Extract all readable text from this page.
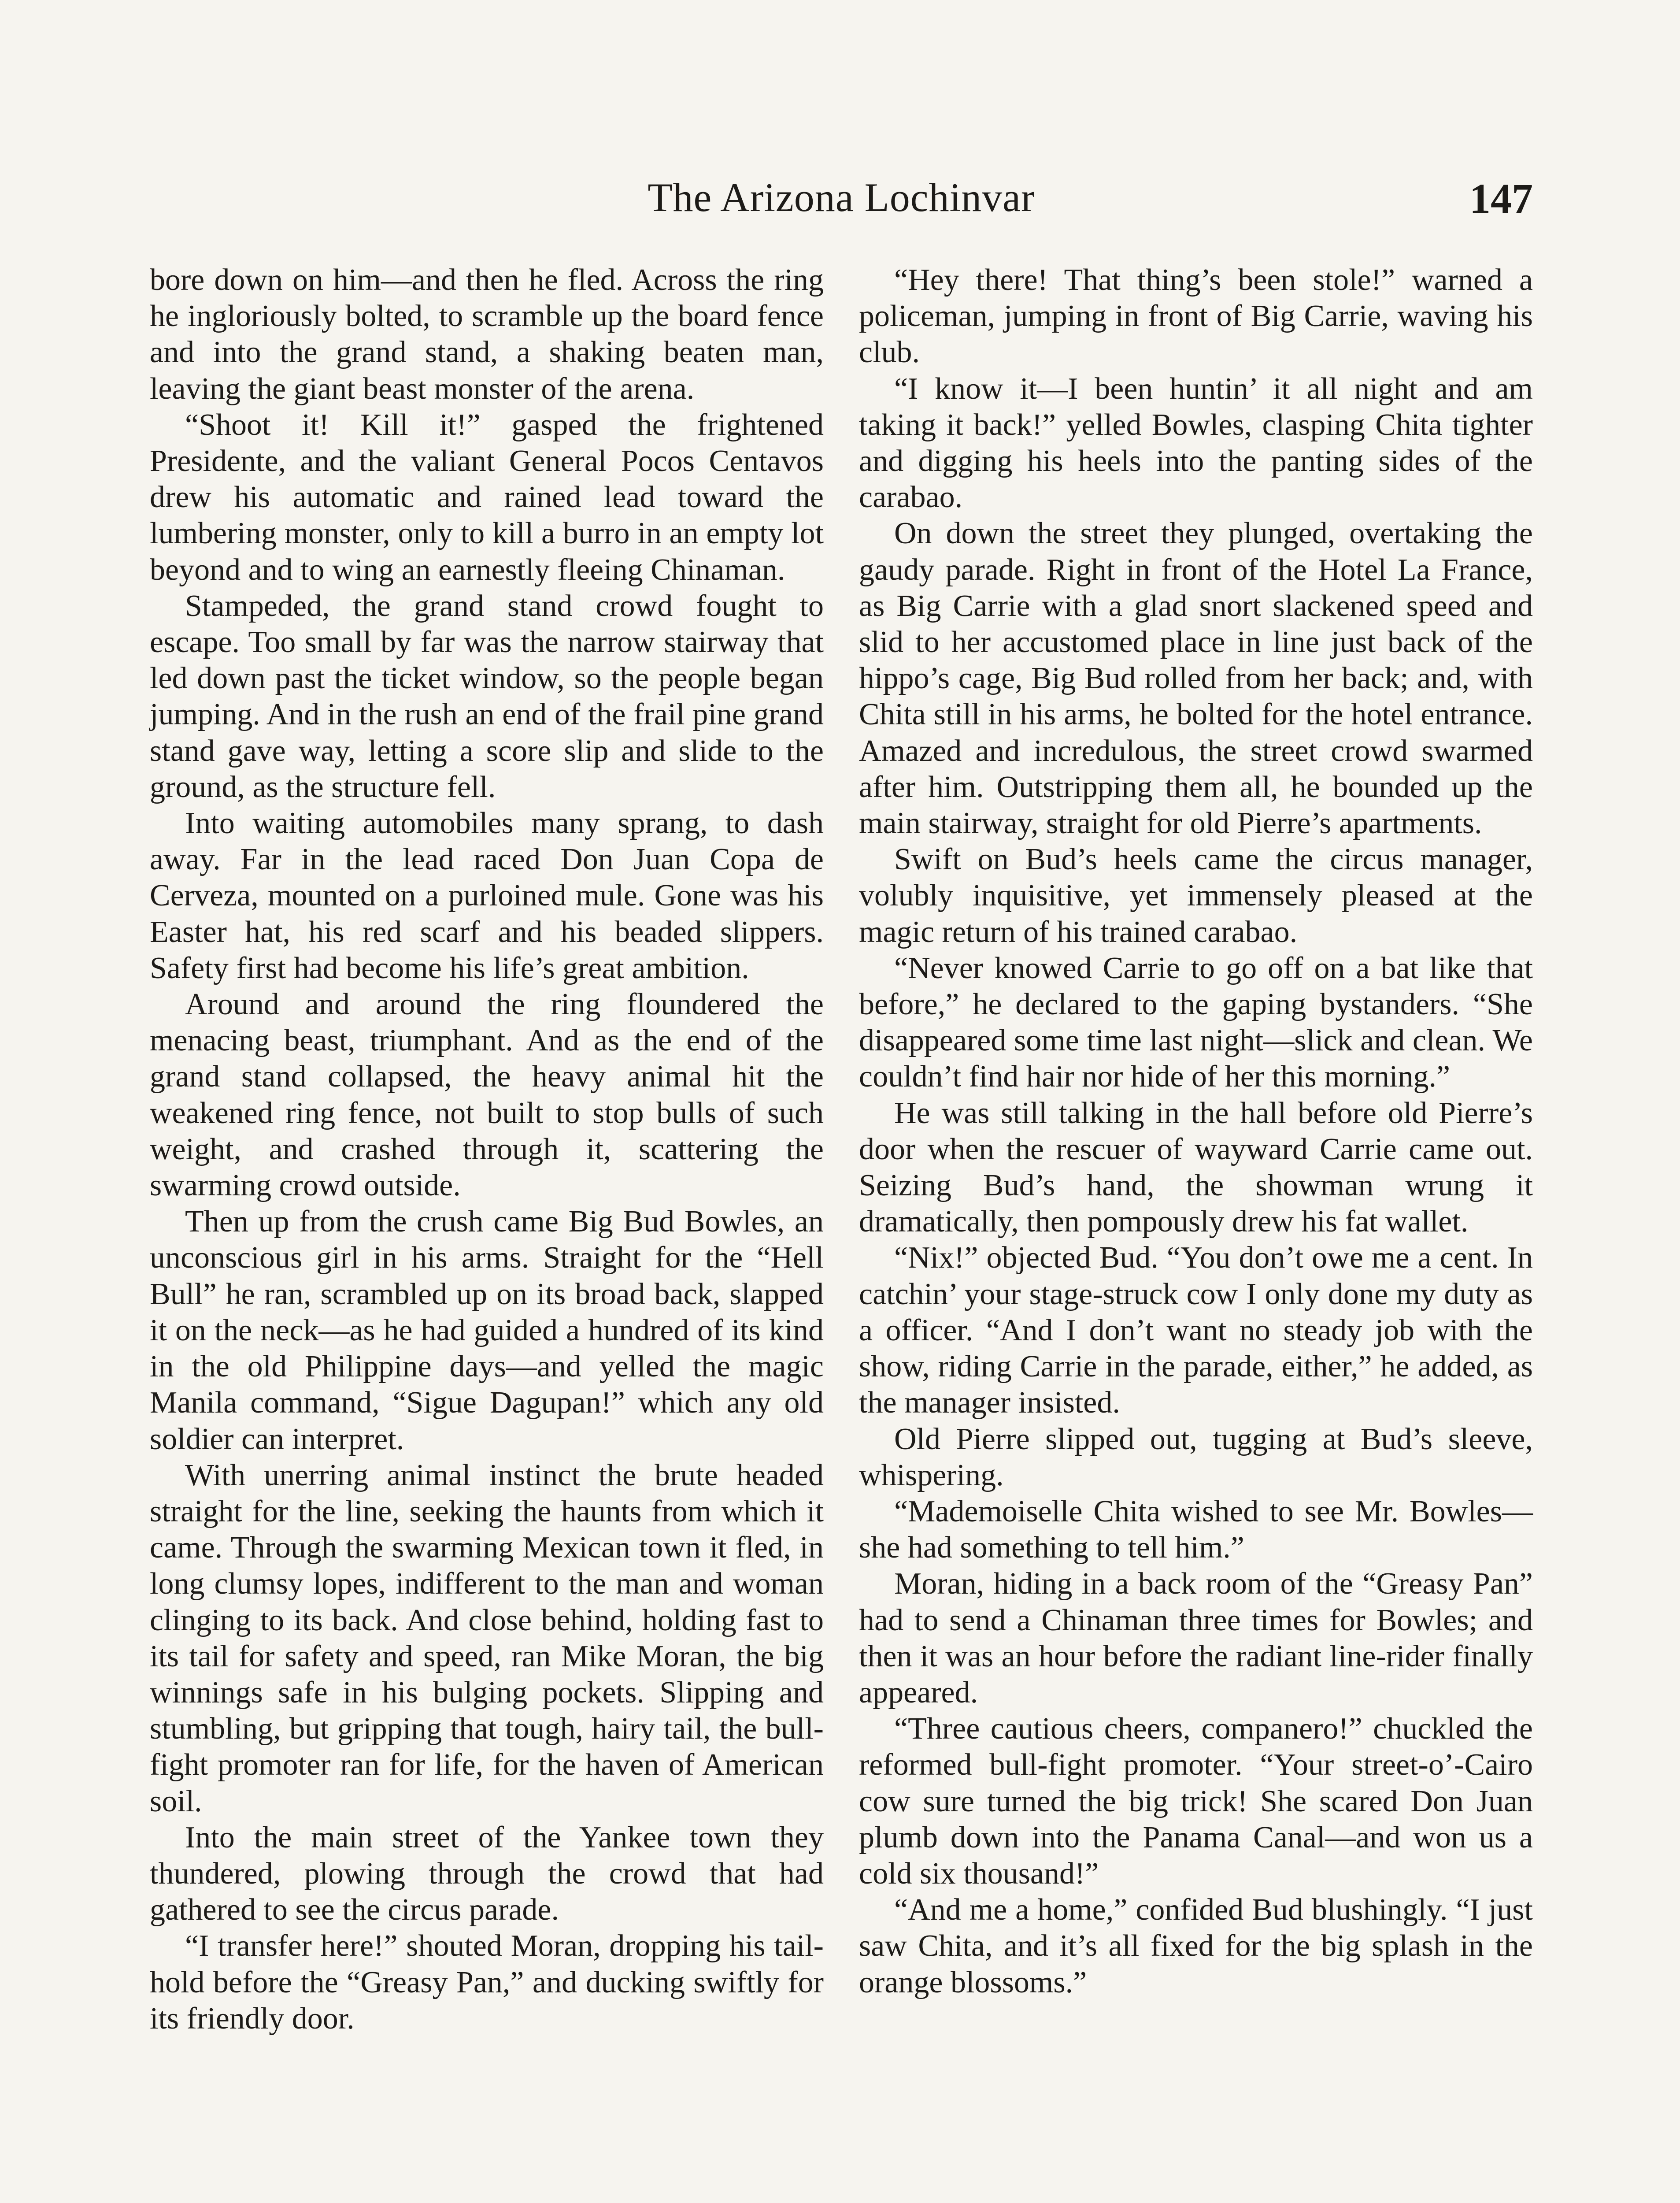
The Arizona Lochinvar	147

bore down on him—and then he fled. Across the ring he ingloriously bolted, to scramble up the board fence and into the grand stand, a shaking beaten man, leaving the giant beast monster of the arena.

“Shoot it! Kill it!” gasped the frightened Presidente, and the valiant General Pocos Centavos drew his automatic and rained lead toward the lumbering monster, only to kill a burro in an empty lot beyond and to wing an earnestly fleeing Chinaman.

Stampeded, the grand stand crowd fought to escape. Too small by far was the narrow stairway that led down past the ticket window, so the people began jumping. And in the rush an end of the frail pine grand stand gave way, letting a score slip and slide to the ground, as the structure fell.

Into waiting automobiles many sprang, to dash away. Far in the lead raced Don Juan Copa de Cerveza, mounted on a purloined mule. Gone was his Easter hat, his red scarf and his beaded slippers. Safety first had become his life’s great ambition.

Around and around the ring floundered the menacing beast, triumphant. And as the end of the grand stand collapsed, the heavy animal hit the weakened ring fence, not built to stop bulls of such weight, and crashed through it, scattering the swarming crowd outside.

Then up from the crush came Big Bud Bowles, an unconscious girl in his arms. Straight for the “Hell Bull” he ran, scrambled up on its broad back, slapped it on the neck—as he had guided a hundred of its kind in the old Philippine days—and yelled the magic Manila command, “Sigue Dagupan!” which any old soldier can interpret.

With unerring animal instinct the brute headed straight for the line, seeking the haunts from which it came. Through the swarming Mexican town it fled, in long clumsy lopes, indifferent to the man and woman clinging to its back. And close behind, holding fast to its tail for safety and speed, ran Mike Moran, the big winnings safe in his bulging pockets. Slipping and stumbling, but gripping that tough, hairy tail, the bull-fight promoter ran for life, for the haven of American soil.

Into the main street of the Yankee town they thundered, plowing through the crowd that had gathered to see the circus parade.

“I transfer here!” shouted Moran, dropping his tail-hold before the “Greasy Pan,” and ducking swiftly for its friendly door.

“Hey there! That thing’s been stole!” warned a policeman, jumping in front of Big Carrie, waving his club.

“I know it—I been huntin’ it all night and am taking it back!” yelled Bowles, clasping Chita tighter and digging his heels into the panting sides of the carabao.

On down the street they plunged, overtaking the gaudy parade. Right in front of the Hotel La France, as Big Carrie with a glad snort slackened speed and slid to her accustomed place in line just back of the hippo’s cage, Big Bud rolled from her back; and, with Chita still in his arms, he bolted for the hotel entrance. Amazed and incredulous, the street crowd swarmed after him. Outstripping them all, he bounded up the main stairway, straight for old Pierre’s apartments.

Swift on Bud’s heels came the circus manager, volubly inquisitive, yet immensely pleased at the magic return of his trained carabao.

“Never knowed Carrie to go off on a bat like that before,” he declared to the gaping bystanders. “She disappeared some time last night—slick and clean. We couldn’t find hair nor hide of her this morning.”

He was still talking in the hall before old Pierre’s door when the rescuer of wayward Carrie came out. Seizing Bud’s hand, the showman wrung it dramatically, then pompously drew his fat wallet.

“Nix!” objected Bud. “You don’t owe me a cent. In catchin’ your stage-struck cow I only done my duty as a officer. “And I don’t want no steady job with the show, riding Carrie in the parade, either,” he added, as the manager insisted.

Old Pierre slipped out, tugging at Bud’s sleeve, whispering.

“Mademoiselle Chita wished to see Mr. Bowles—she had something to tell him.”

Moran, hiding in a back room of the “Greasy Pan” had to send a Chinaman three times for Bowles; and then it was an hour before the radiant line-rider finally appeared.

“Three cautious cheers, companero!” chuckled the reformed bull-fight promoter. “Your street-o’-Cairo cow sure turned the big trick! She scared Don Juan plumb down into the Panama Canal—and won us a cold six thousand!”

“And me a home,” confided Bud blushingly. “I just saw Chita, and it’s all fixed for the big splash in the orange blossoms.”
